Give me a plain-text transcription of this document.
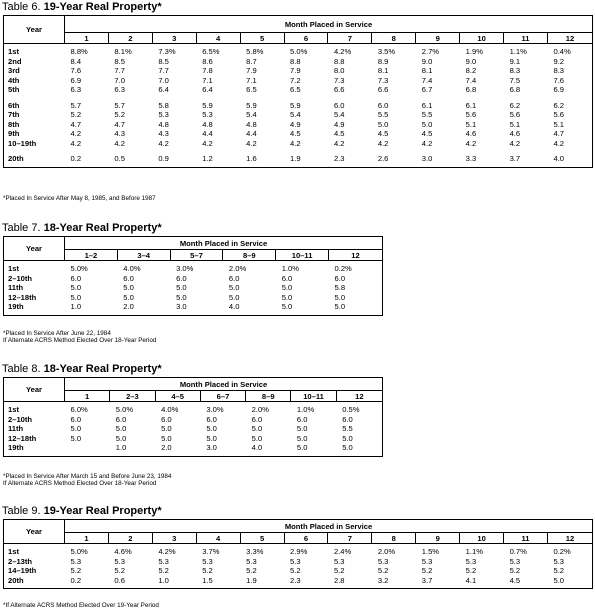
Table 6. 19-Year Real Property*
Year	Month Placed in Service											
	1	2	3	4	5	6	7	8	9	10	11	12

1st	8.8%	8.1%	7.3%	6.5%	5.8%	5.0%	4.2%	3.5%	2.7%	1.9%	1.1%	0.4%
2nd	8.4	8.5	8.5	8.6	8.7	8.8	8.8	8.9	9.0	9.0	9.1	9.2
3rd	7.6	7.7	7.7	7.8	7.9	7.9	8.0	8.1	8.1	8.2	8.3	8.3
4th	6.9	7.0	7.0	7.1	7.1	7.2	7.3	7.3	7.4	7.4	7.5	7.6
5th	6.3	6.3	6.4	6.4	6.5	6.5	6.6	6.6	6.7	6.8	6.8	6.9

6th	5.7	5.7	5.8	5.9	5.9	5.9	6.0	6.0	6.1	6.1	6.2	6.2
7th	5.2	5.2	5.3	5.3	5.4	5.4	5.4	5.5	5.5	5.6	5.6	5.6
8th	4.7	4.7	4.8	4.8	4.8	4.9	4.9	5.0	5.0	5.1	5.1	5.1
9th	4.2	4.3	4.3	4.4	4.4	4.5	4.5	4.5	4.5	4.6	4.6	4.7
10–19th	4.2	4.2	4.2	4.2	4.2	4.2	4.2	4.2	4.2	4.2	4.2	4.2

20th	0.2	0.5	0.9	1.2	1.6	1.9	2.3	2.6	3.0	3.3	3.7	4.0

*Placed In Service After May 8, 1985, and Before 1987
Table 7. 18-Year Real Property*
Year	Month Placed in Service					
	1–2	3–4	5–7	8–9	10–11	12

1st	5.0%	4.0%	3.0%	2.0%	1.0%	0.2%
2–10th	6.0	6.0	6.0	6.0	6.0	6.0
11th	5.0	5.0	5.0	5.0	5.0	5.8
12–18th	5.0	5.0	5.0	5.0	5.0	5.0
19th	1.0	2.0	3.0	4.0	5.0	5.0

*Placed In Service After June 22, 1984
If Alternate ACRS Method Elected Over 18-Year Period
Table 8. 18-Year Real Property*
Year	Month Placed in Service						
	1	2–3	4–5	6–7	8–9	10–11	12

1st	6.0%	5.0%	4.0%	3.0%	2.0%	1.0%	0.5%
2–10th	6.0	6.0	6.0	6.0	6.0	6.0	6.0
11th	5.0	5.0	5.0	5.0	5.0	5.0	5.5
12–18th	5.0	5.0	5.0	5.0	5.0	5.0	5.0
19th		1.0	2.0	3.0	4.0	5.0	5.0

*Placed In Service After March 15 and Before June 23, 1984
If Alternate ACRS Method Elected Over 18-Year Period
Table 9. 19-Year Real Property*
Year	Month Placed in Service											
	1	2	3	4	5	6	7	8	9	10	11	12

1st	5.0%	4.6%	4.2%	3.7%	3.3%	2.9%	2.4%	2.0%	1.5%	1.1%	0.7%	0.2%
2–13th	5.3	5.3	5.3	5.3	5.3	5.3	5.3	5.3	5.3	5.3	5.3	5.3
14–19th	5.2	5.2	5.2	5.2	5.2	5.2	5.2	5.2	5.2	5.2	5.2	5.2
20th	0.2	0.6	1.0	1.5	1.9	2.3	2.8	3.2	3.7	4.1	4.5	5.0

*If Alternate ACRS Method Elected Over 19-Year Period
